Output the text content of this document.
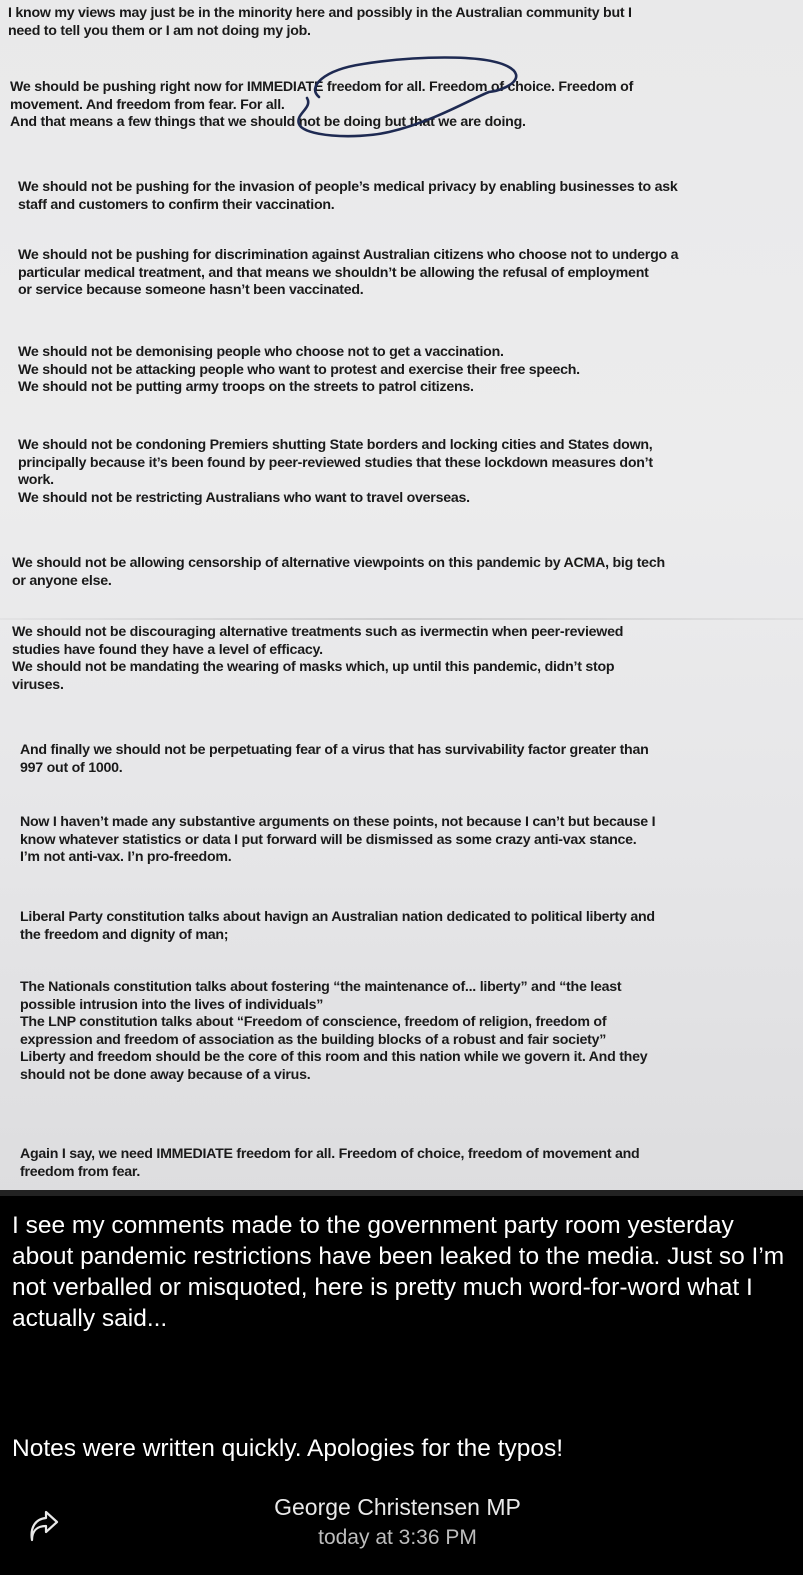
I know my views may just be in the minority here and possibly in the Australian community but I
need to tell you them or I am not doing my job.
We should be pushing right now for IMMEDIATE freedom for all. Freedom of choice. Freedom of
movement. And freedom from fear. For all.
And that means a few things that we should not be doing but that we are doing.
We should not be pushing for the invasion of people’s medical privacy by enabling businesses to ask
staff and customers to confirm their vaccination.
We should not be pushing for discrimination against Australian citizens who choose not to undergo a
particular medical treatment, and that means we shouldn’t be allowing the refusal of employment
or service because someone hasn’t been vaccinated.
We should not be demonising people who choose not to get a vaccination.
We should not be attacking people who want to protest and exercise their free speech.
We should not be putting army troops on the streets to patrol citizens.
We should not be condoning Premiers shutting State borders and locking cities and States down,
principally because it’s been found by peer-reviewed studies that these lockdown measures don’t
work.
We should not be restricting Australians who want to travel overseas.
We should not be allowing censorship of alternative viewpoints on this pandemic by ACMA, big tech
or anyone else.
We should not be discouraging alternative treatments such as ivermectin when peer-reviewed
studies have found they have a level of efficacy.
We should not be mandating the wearing of masks which, up until this pandemic, didn’t stop
viruses.
And finally we should not be perpetuating fear of a virus that has survivability factor greater than
997 out of 1000.
Now I haven’t made any substantive arguments on these points, not because I can’t but because I
know whatever statistics or data I put forward will be dismissed as some crazy anti-vax stance.
I’m not anti-vax. I’n pro-freedom.
Liberal Party constitution talks about havign an Australian nation dedicated to political liberty and
the freedom and dignity of man;
The Nationals constitution talks about fostering “the maintenance of... liberty” and “the least
possible intrusion into the lives of individuals”
The LNP constitution talks about “Freedom of conscience, freedom of religion, freedom of
expression and freedom of association as the building blocks of a robust and fair society”
Liberty and freedom should be the core of this room and this nation while we govern it. And they
should not be done away because of a virus.
Again I say, we need IMMEDIATE freedom for all. Freedom of choice, freedom of movement and
freedom from fear.

I see my comments made to the government party room yesterday about pandemic restrictions have been leaked to the media. Just so I’m not verballed or misquoted, here is pretty much word-for-word what I actually said...

Notes were written quickly. Apologies for the typos!

George Christensen MP
today at 3:36 PM
